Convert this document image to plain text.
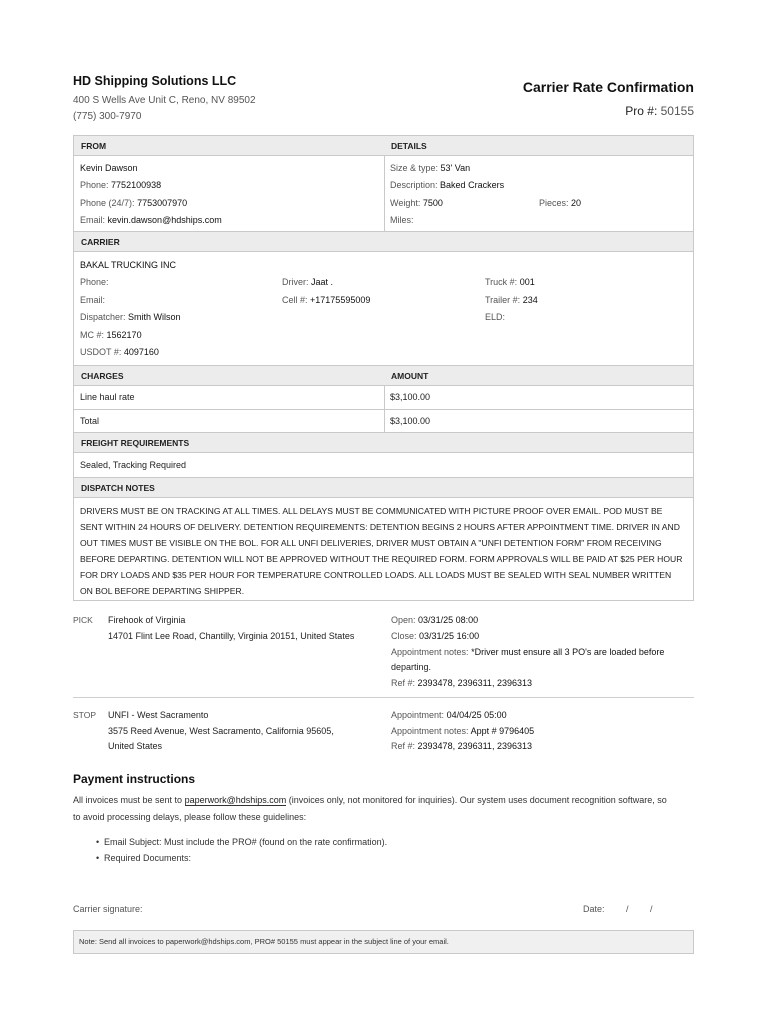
HD Shipping Solutions LLC
400 S Wells Ave Unit C, Reno, NV 89502
(775) 300-7970
Carrier Rate Confirmation
Pro #: 50155
FROM	DETAILS
Kevin Dawson
Phone: 7752100938
Phone (24/7): 7753007970
Email: kevin.dawson@hdships.com
Size & type: 53' Van
Description: Baked Crackers
Weight: 7500	Pieces: 20
Miles:
CARRIER
BAKAL TRUCKING INC
Phone:
Email:
Dispatcher: Smith Wilson
MC #: 1562170
USDOT #: 4097160
Driver: Jaat .
Cell #: +17175595009
Truck #: 001
Trailer #: 234
ELD:
CHARGES	AMOUNT
Line haul rate	$3,100.00
Total	$3,100.00
FREIGHT REQUIREMENTS
Sealed, Tracking Required
DISPATCH NOTES
DRIVERS MUST BE ON TRACKING AT ALL TIMES. ALL DELAYS MUST BE COMMUNICATED WITH PICTURE PROOF OVER EMAIL. POD MUST BE
SENT WITHIN 24 HOURS OF DELIVERY. DETENTION REQUIREMENTS: DETENTION BEGINS 2 HOURS AFTER APPOINTMENT TIME. DRIVER IN AND
OUT TIMES MUST BE VISIBLE ON THE BOL. FOR ALL UNFI DELIVERIES, DRIVER MUST OBTAIN A "UNFI DETENTION FORM" FROM RECEIVING
BEFORE DEPARTING. DETENTION WILL NOT BE APPROVED WITHOUT THE REQUIRED FORM. FORM APPROVALS WILL BE PAID AT $25 PER HOUR
FOR DRY LOADS AND $35 PER HOUR FOR TEMPERATURE CONTROLLED LOADS. ALL LOADS MUST BE SEALED WITH SEAL NUMBER WRITTEN
ON BOL BEFORE DEPARTING SHIPPER.
PICK Firehook of Virginia
14701 Flint Lee Road, Chantilly, Virginia 20151, United States
Open: 03/31/25 08:00
Close: 03/31/25 16:00
Appointment notes: *Driver must ensure all 3 PO's are loaded before
departing.
Ref #: 2393478, 2396311, 2396313
STOP UNFI - West Sacramento
3575 Reed Avenue, West Sacramento, California 95605,
United States
Appointment: 04/04/25 05:00
Appointment notes: Appt # 9796405
Ref #: 2393478, 2396311, 2396313
Payment instructions
All invoices must be sent to paperwork@hdships.com (invoices only, not monitored for inquiries). Our system uses document recognition software, so
to avoid processing delays, please follow these guidelines:
• Email Subject: Must include the PRO# (found on the rate confirmation).
• Required Documents:
Carrier signature:	Date: / /
Note: Send all invoices to paperwork@hdships.com, PRO# 50155 must appear in the subject line of your email.
